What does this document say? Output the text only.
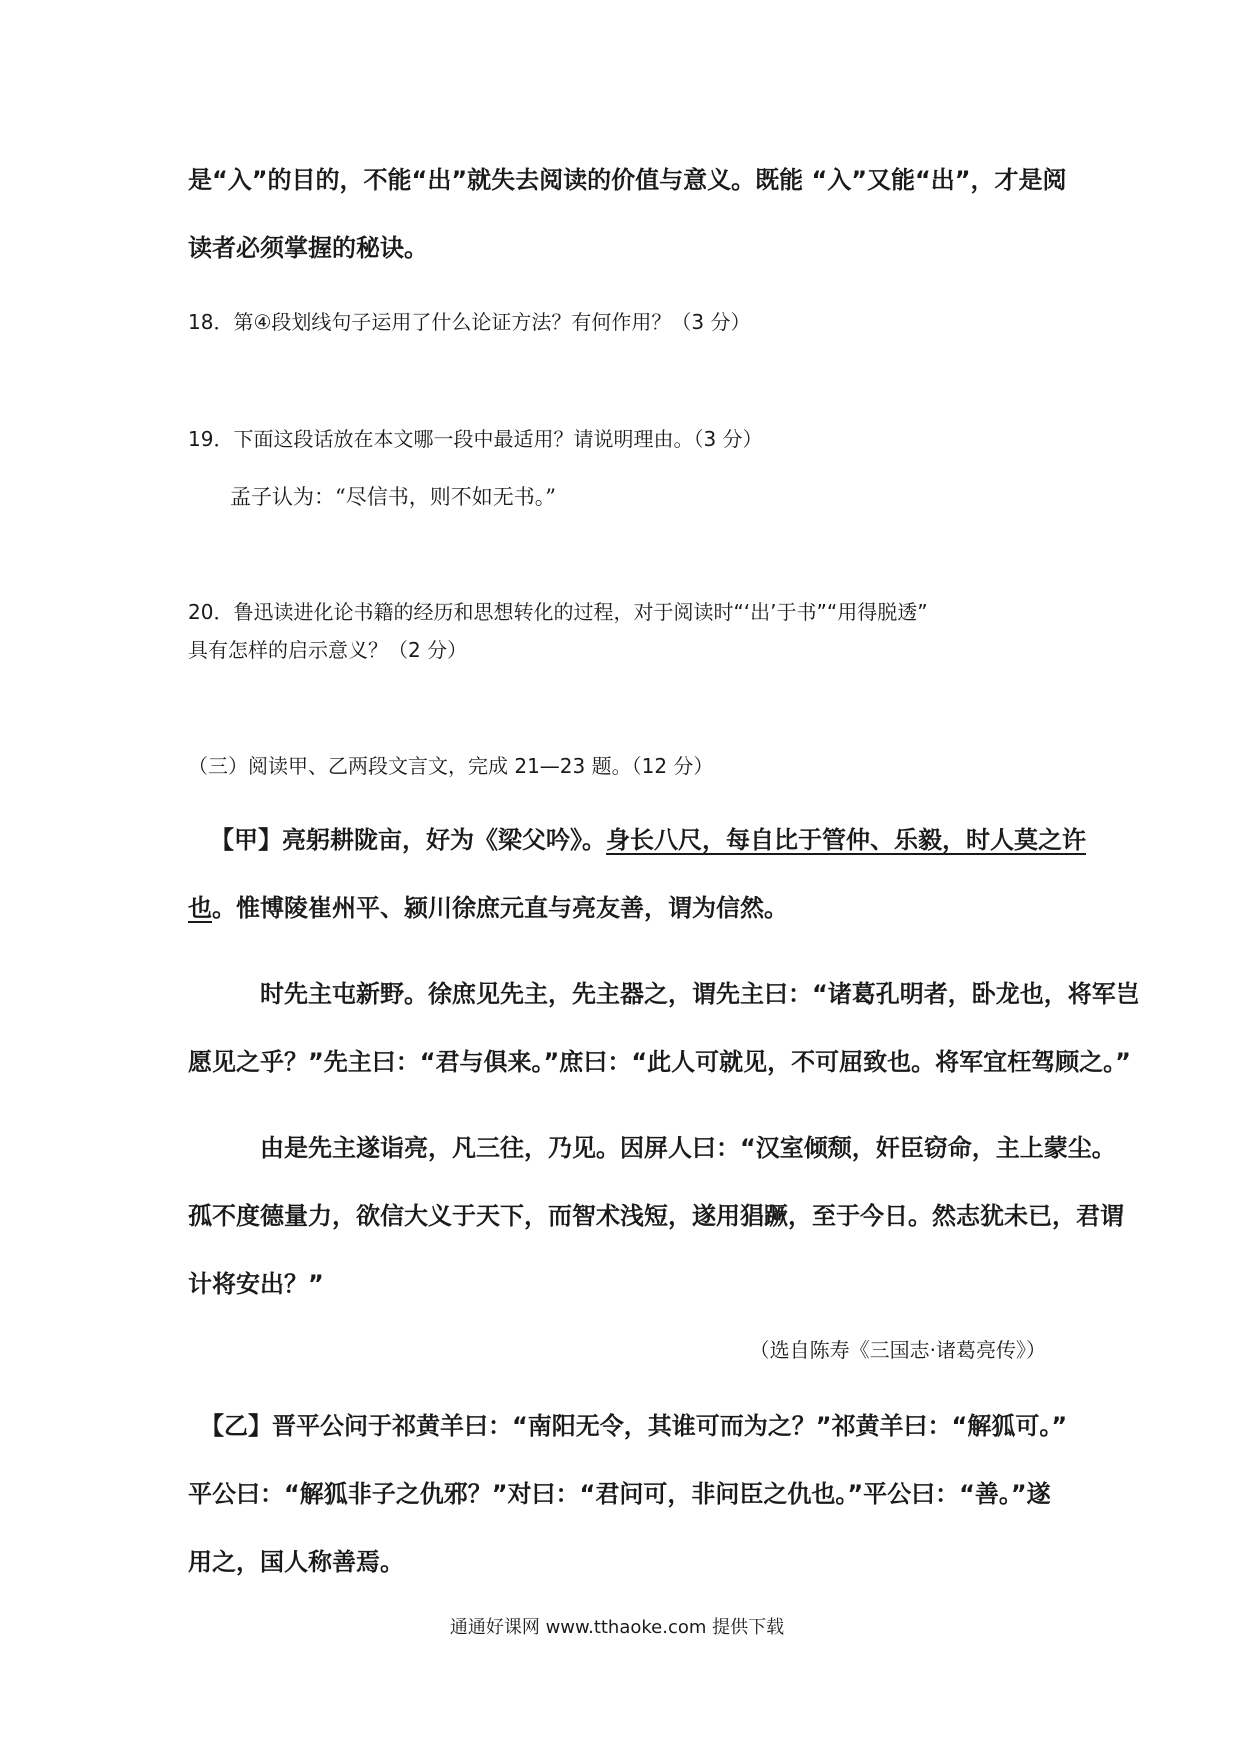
是“入”的目的，不能“出”就失去阅读的价值与意义。既能 “入”又能“出”，才是阅
读者必须掌握的秘诀。
18．第④段划线句子运用了什么论证方法？有何作用？（3 分）
19．下面这段话放在本文哪一段中最适用？请说明理由。（3 分）
孟子认为：“尽信书，则不如无书。”
20．鲁迅读进化论书籍的经历和思想转化的过程，对于阅读时“‘出’于书”“用得脱透”
具有怎样的启示意义？（2 分）
（三）阅读甲、乙两段文言文，完成 21—23 题。（12 分）
【甲】亮躬耕陇亩，好为《梁父吟》。身长八尺，每自比于管仲、乐毅，时人莫之许
也。惟博陵崔州平、颍川徐庶元直与亮友善，谓为信然。
时先主屯新野。徐庶见先主，先主器之，谓先主曰：“诸葛孔明者，卧龙也，将军岂
愿见之乎？”先主曰：“君与俱来。”庶曰：“此人可就见，不可屈致也。将军宜枉驾顾之。”
由是先主遂诣亮，凡三往，乃见。因屏人曰：“汉室倾颓，奸臣窃命，主上蒙尘。
孤不度德量力，欲信大义于天下，而智术浅短，遂用猖蹶，至于今日。然志犹未已，君谓
计将安出？”
（选自陈寿《三国志·诸葛亮传》）
【乙】晋平公问于祁黄羊曰：“南阳无令，其谁可而为之？”祁黄羊曰：“解狐可。”
平公曰：“解狐非子之仇邪？”对曰：“君问可，非问臣之仇也。”平公曰：“善。”遂
用之，国人称善焉。
通通好课网 www.tthaoke.com 提供下载
